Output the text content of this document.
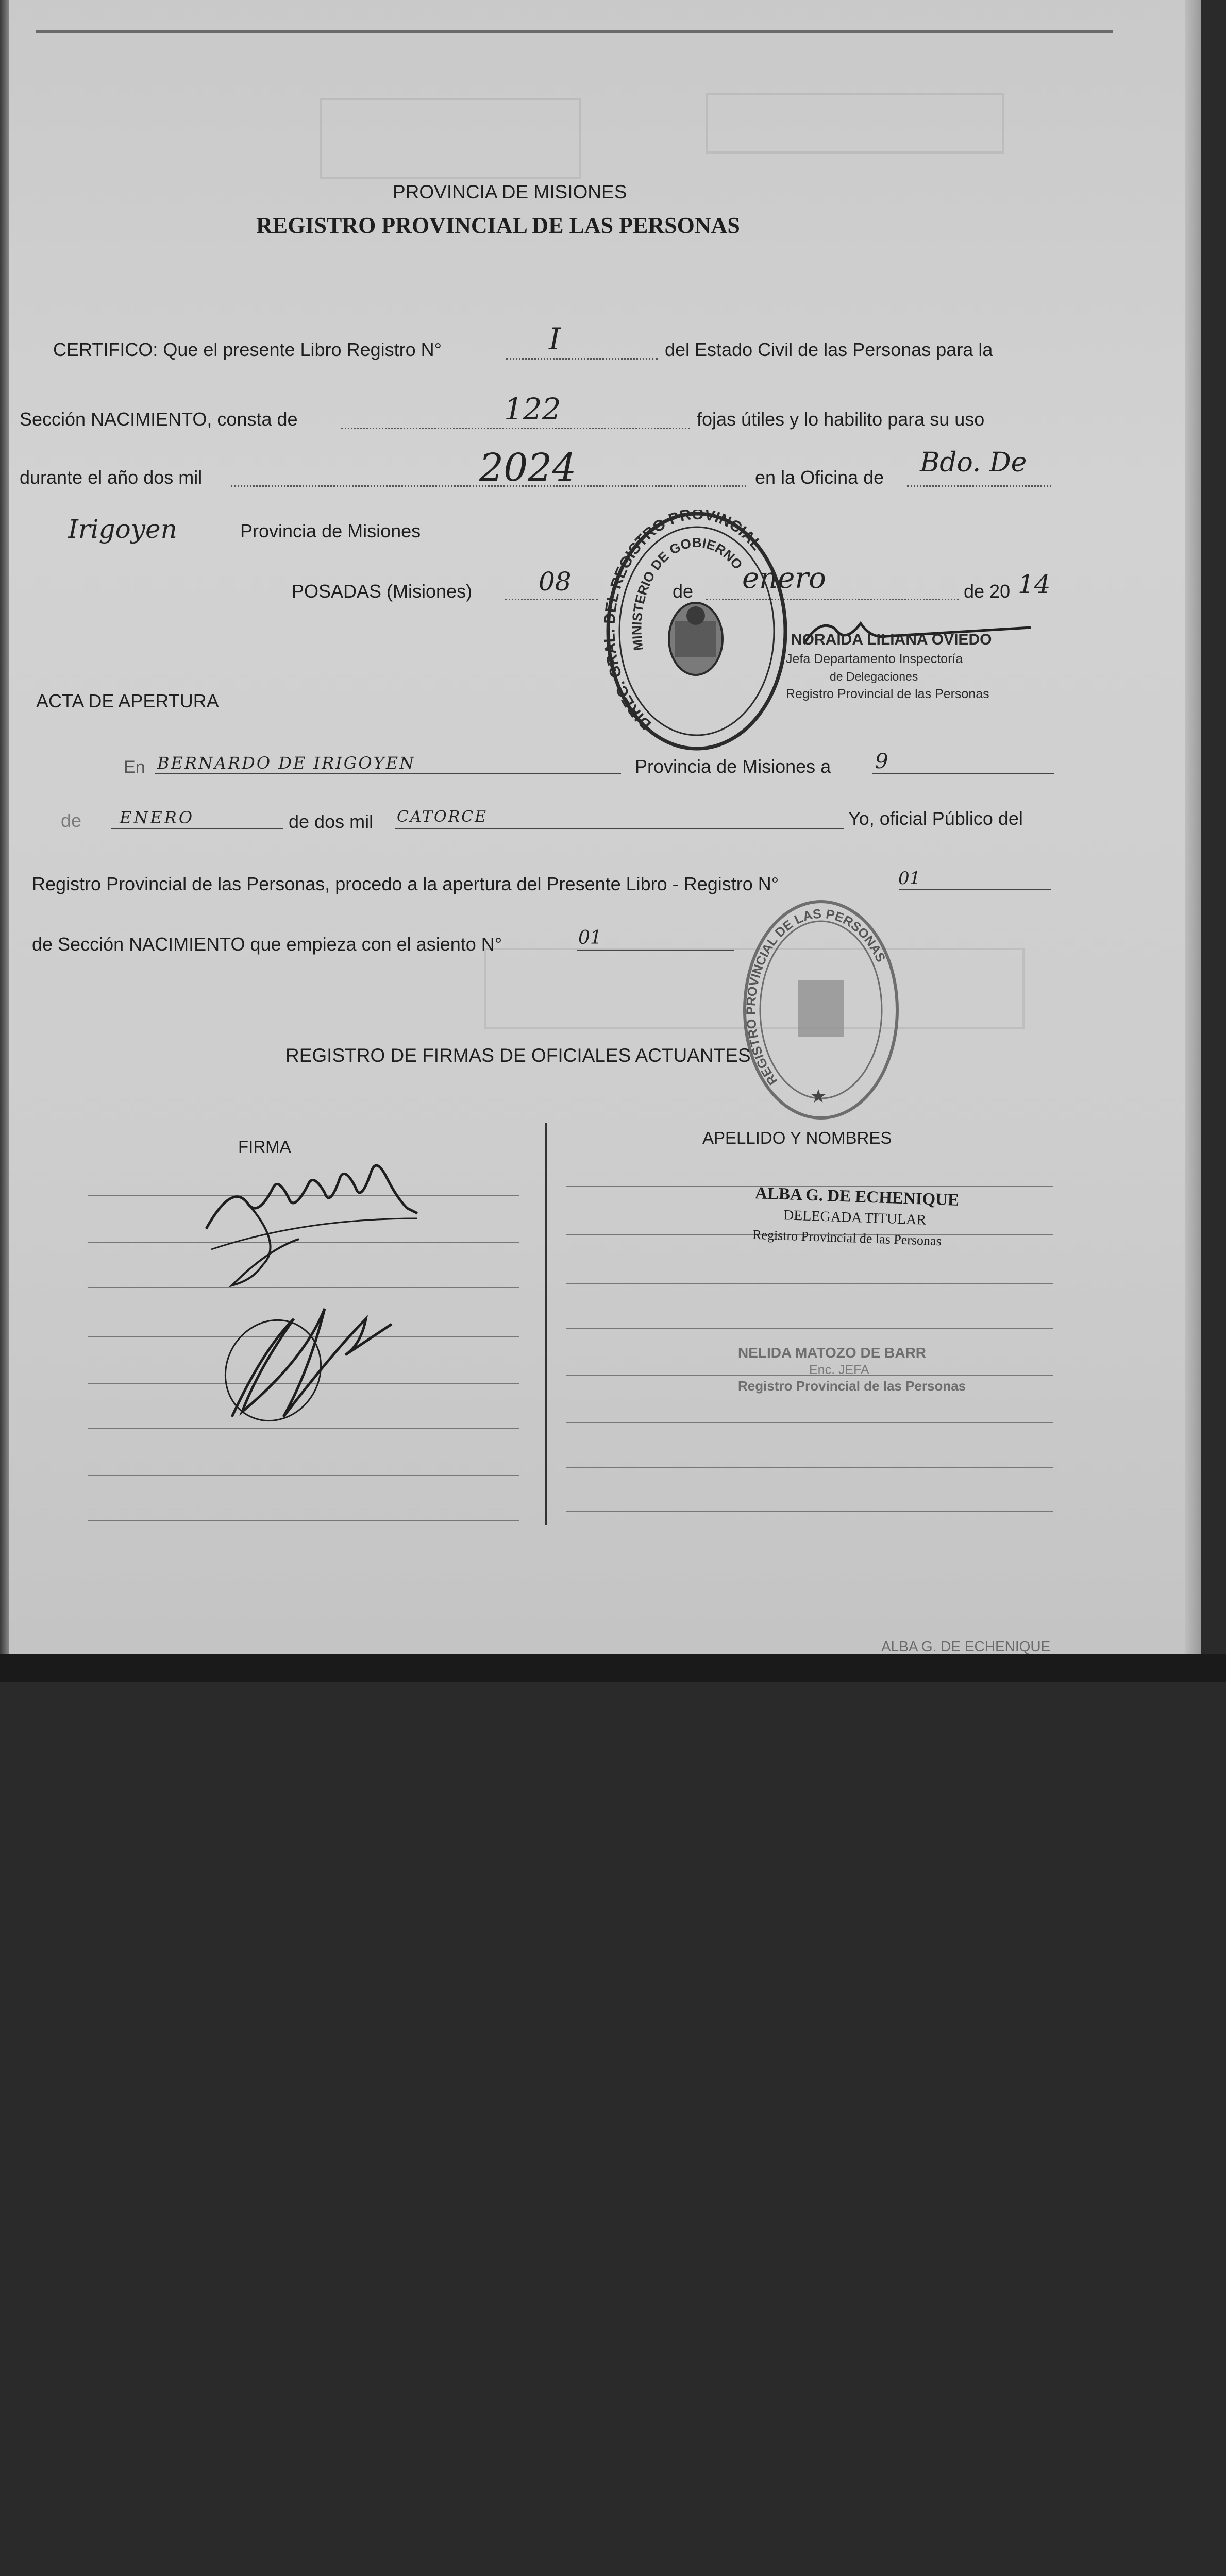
PROVINCIA DE MISIONES
REGISTRO PROVINCIAL DE LAS PERSONAS
CERTIFICO: Que el presente Libro Registro N°	I	del Estado Civil de las Personas para la
Sección NACIMIENTO, consta de	122	fojas útiles y lo habilito para su uso
durante el año dos mil	2024	en la Oficina de Bdo. De
Irigoyen	Provincia de Misiones
POSADAS (Misiones)	08	de enero	de 20 14
NORAIDA LILIANA OVIEDO
Jefa Departamento Inspectoría
de Delegaciones
Registro Provincial de las Personas
DIREC. GR EL REGISTRO PROVINCIAL
MINISTERIO DE GOBIERNO
ACTA DE APERTURA
En BERNARDO DE IRIGOYEN	Provincia de Misiones a 9
de ENERO	de dos mil CATORCE	Yo, oficial Público del
Registro Provincial de las Personas, procedo a la apertura del Presente Libro - Registro N°	01
de Sección NACIMIENTO que empieza con el asiento N°	01
REGISTRO PROVINCIAL DE LAS PERSONAS
★
REGISTRO DE FIRMAS DE OFICIALES ACTUANTES
FIRMA	APELLIDO Y NOMBRES
ALBA G. DE ECHENIQUE
DELEGADA TITULAR
Registro Provincial de las Personas
NELIDA MATOZO DE BARR
Enc. JEFA
Registro Provincial de las Personas
ALBA G. DE ECHENIQUE
